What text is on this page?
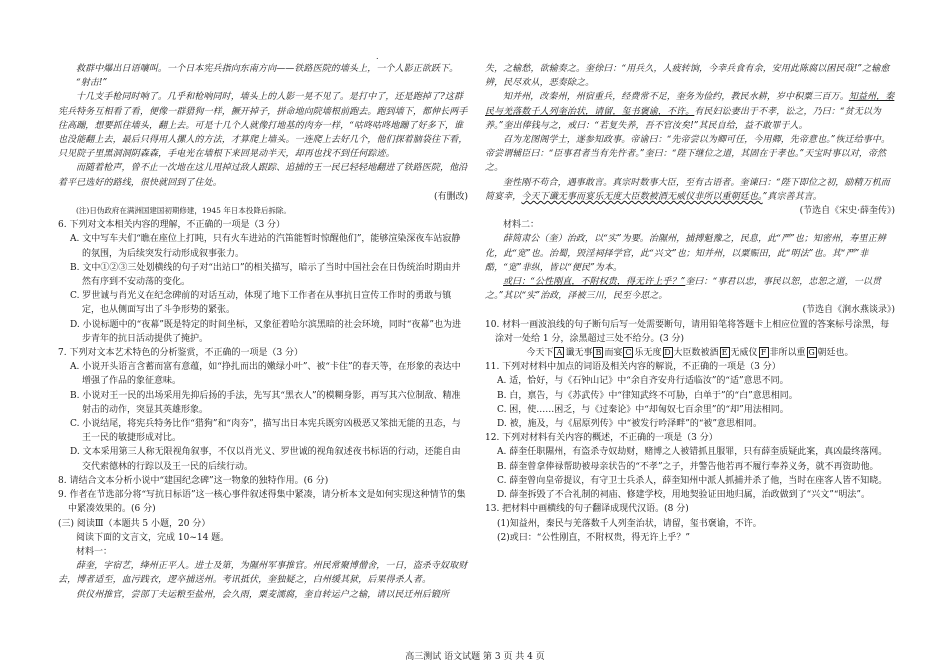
.

救群中爆出日语嚷叫。一个日本宪兵指向东南方向——铁路医院的墙头上，一个人影正欲跃下。

“射击!”

十几支手枪同时响了。几乎和枪响同时，墙头上的人影一晃不见了。是打中了，还是跑掉了?这群宪兵特务互相看了看，便像一群猎狗一样，撅开掉子，拼命地向院墙根前跑去。跑到墙下，都伸长两手往高蹦，想要抓住墙头，翻上去。可是十几个人就像打地基的肉夯一样，“咕咚咕咚地蹦了好多下，谁也没能翻上去，最后只得用人摞人的方法，才算爬上墙头。一连爬上去好几个，他们探着脑袋往下看，只见院子里黑洞洞阴森森，手电光在墙根下来回晃动半天，却再也找不到任何踪迹。

而随着枪声，曾不止一次地在这儿甩掉过敌人跟踪、追捕的王一民已轻轻地翻进了铁路医院，他沿着平已选好的路线，很快就回到了住处。

(有删改)

(注)日伪政府在满洲国建国初期修建，1945 年日本投降后拆除。

6. 下列对文本相关内容的理解，不正确的一项是（3 分）

A. 文中写车夫们“瞧在座位上打盹，只有火车进站的汽笛能暂时惊醒他们”，能够渲染深夜车站寂静的氛围，为后续突发行动形成叙事张力。

B. 文中①②③三处划横线的句子对“出站口”的相关描写，暗示了当时中国社会在日伪统治时期由并然有序到不安动荡的变化。

C. 罗世诚与肖光义在纪念碑前的对话互动，体现了地下工作者在从事抗日宣传工作时的勇敢与镇定，也从侧面写出了斗争形势的紧张。

D. 小说标题中的“夜幕”既是特定的时间坐标，又象征着哈尔滨黑暗的社会环境，同时“夜幕”也为进步青年的抗日活动提供了掩护。

7. 下列对文本艺术特色的分析鉴赏，不正确的一项是（3 分）

A. 小说开头语言含蓄而富有意蕴，如“挣扎而出的嫩绿小叶”、被“卡住”的春天等，在形象的表达中增强了作品的象征意味。

B. 小说对王一民的出场采用先抑后扬的手法，先写其“黑衣人”的模糊身影，再写其六位制敌、精准射击的动作，突显其英雄形象。

C. 小说结尾，将宪兵特务比作“猎狗”和“肉夯”，描写出日本宪兵既穷凶极恶又笨拙无能的丑态，与王一民的敏捷形成对比。

D. 文本采用第三人称无限视角叙事，不仅以肖光义、罗世诚的视角叙述夜书标语的行动，还能自由交代索德林的行踪以及王一民的后续行动。

8. 请结合文本分析小说中“建国纪念碑”这一物象的独特作用。(6 分)

9. 作者在节选部分将“写抗日标语”这一核心事件叙述得集中紧凑，请分析本文是如何实现这种情节的集中紧凑效果的。(6 分)

(三) 阅读Ⅲ（本题共 5 小题，20 分）

阅读下面的文言文，完成 10~14 题。

材料一：

薛奎，字宿艺，绛州正平人。进士及第，为隰州军事推官。州民常聚博僧舍，一日，盗杀寺奴取财去，博者适至，血污践衣，逻卒捕送州。考讯抵伏，奎独疑之，白州缓其狱，后果得杀人者。

供仪州推官，尝部丁夫运粮至盐州，会久雨，粟麦濡腐，奎自转运户之输，请以民迁州后锻所

失，之输愁，欲输奏之。奎徐曰：“用兵久，人疲转饷，今幸兵食有余，安用此陈腐以困民哉!”之输愈辨，民尽欢从，恶奏除之。

知并州，改秦州，州宿重兵，经费常不足，奎务为俭约，教民水耕，岁中积粟三百万。知益州，秦民与羌落数千人列奎治状，请留，玺书褒谕，不许。有民妇讼妻出于不孝，讼之，乃曰：“贫无以为养。”奎出俸钱与之，戒曰：“若复失养，吾不官汝矣!”其民自给，益不敢罪于人。

召为龙图阁学士，遂参知政事。帝谕曰：“先帝尝以为卿可任，今用卿，先帝意也。”恢迁给事中。帝尝谓辅臣曰：“臣事君者当有先忤者。”奎曰：“陛下继位之道，其固在于孝也。”天宝时事以对，帝然之。

奎性刚不苟合，遇事敢言。真宗时数事大臣，至有古语者。奎谏曰：“陛下即位之初，励精万机而简宴幸，今天下谶无事而宴乐无度大臣数被酒无威仪非所以重朝廷也。”真宗善其言。

(节选自《宋史·薛奎传》)

材料二：

薛简肃公（奎）治政，以“实”为要。治隰州，捕搏魁豫之，民息，此“严”也；知密州，寿里正辨化，此“宽”也。治蜀，毁淫祠择学官，此“兴文”也；知并州，以粟赈田，此“明法”也。其“严”非酷，“宽”非纵，皆以“便民”为本。

或曰：“公性刚直，不附权贵，得无许上乎？”奎曰：“事君以忠，事民以恕，忠恕之道，一以贯之。”其以“实”治政，泽被三川，民至今思之。

(节选自《涧水燕谈录》)

10. 材料一画波浪线的句子断句后写一处需要断句，请用铅笔将答题卡上相应位置的答案标号涂黑，每涂对一处给 1 分，涂黑超过三处不给分。(3 分)

今天下 A 谶无事 B 而宴 C 乐无度 D 大臣数被酒 E 无威仪 F 非所以重 G 朝廷也。

11. 下列对材料中加点的词语及相关内容的解说，不正确的一项是（3 分）

A. 适，恰好，与《石钟山记》中“余自齐安舟行适临汝”的“适”意思不同。

B. 白，禀告，与《苏武传》中“律知武终不可胁，白单于”的“白”意思相同。

C. 困，使……困乏，与《过秦论》中“却匈奴七百余里”的“却”用法相同。

D. 被，施及，与《屈原列传》中“被发行吟泽畔”的“被”意思相同。

12. 下列对材料有关内容的概述，不正确的一项是（3 分）

A. 薛奎任职隰州，有盗杀寺奴劫财，赌博之人被错抓且服罪，只有薛奎质疑此案，真凶最终落网。

B. 薛奎曾拿俸禄帮助被母亲状告的“不孝”之子，并警告他若再不履行奉养义务，就不再资助他。

C. 薛奎曾向皇帝提议，有守卫士兵杀人，薛奎知州中派人抓捕并杀了他，当时在座客人皆不知晓。

D. 薛奎拆毁了不合礼制的祠庙、修建学校，用地契验证田地归属，治政做到了“兴文”“明法”。

13. 把材料中画横线的句子翻译成现代汉语。(8 分)

(1)知益州，秦民与羌落数千人列奎治状，请留，玺书褒谕，不许。

(2)或曰：“公性刚直，不附权贵，得无许上乎？”

高三测试 语文试题 第 3 页 共 4 页
